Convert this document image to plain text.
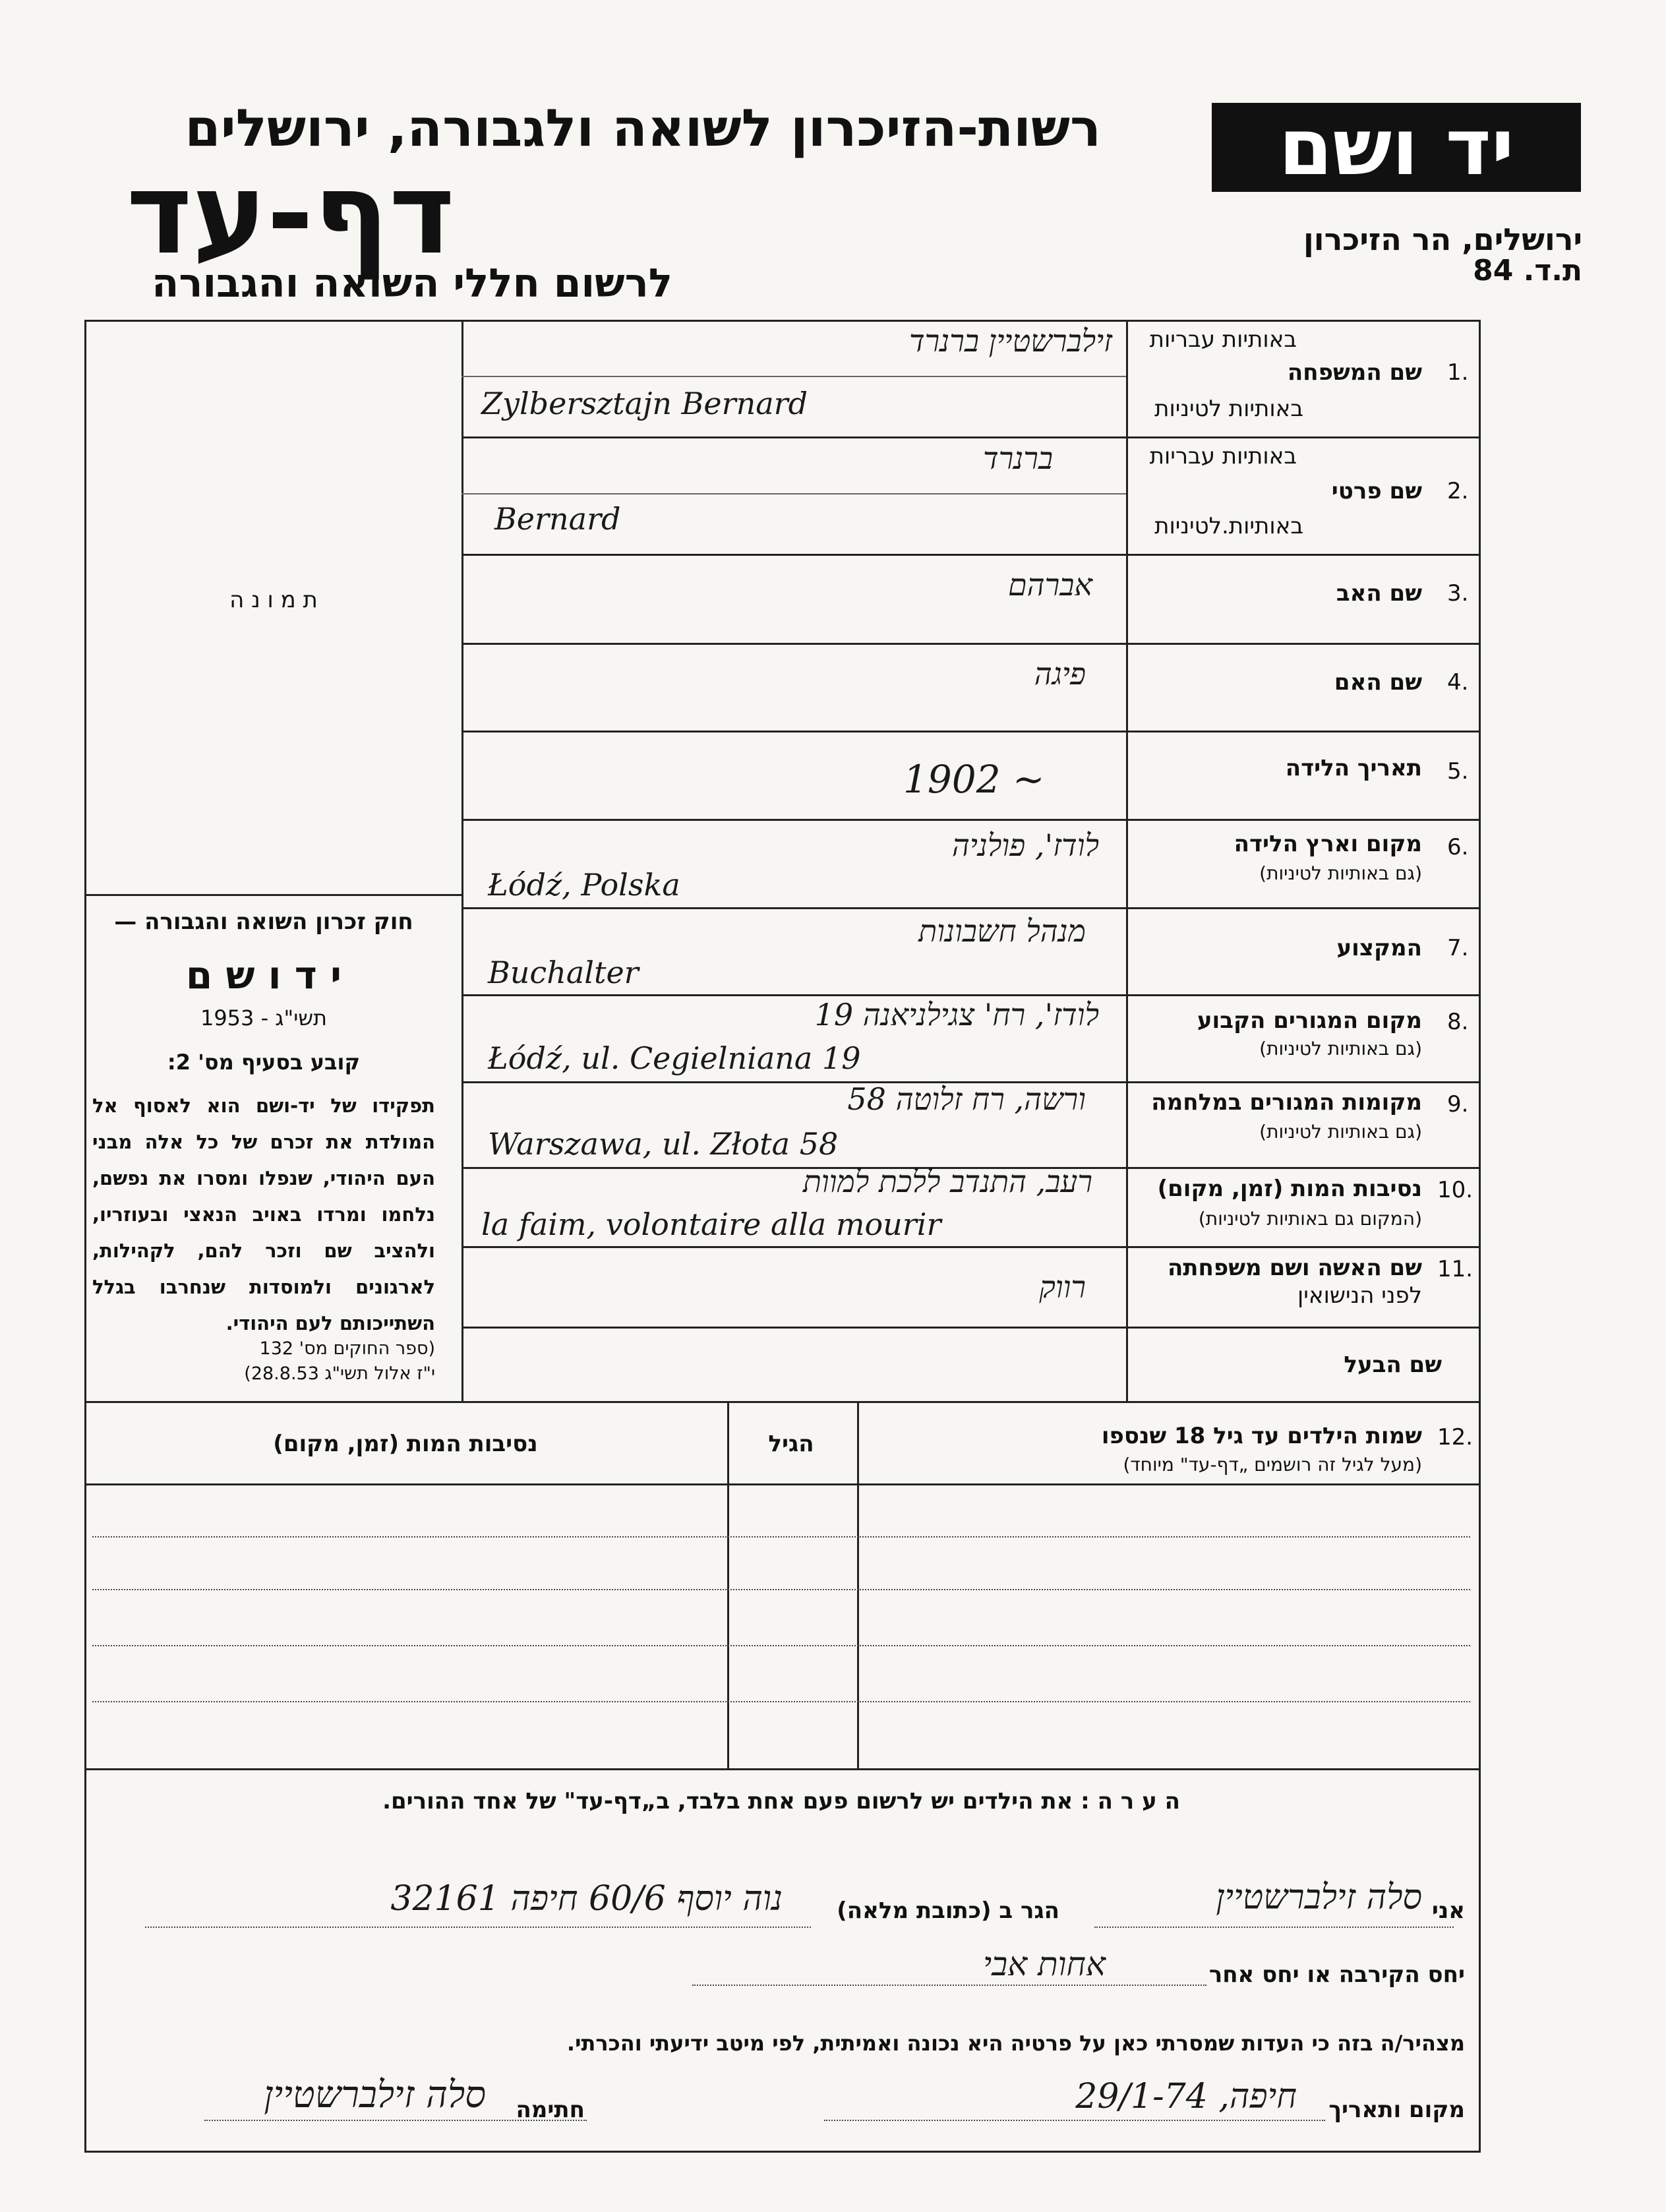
יד ושם
רשות-הזיכרון לשואה ולגבורה, ירושלים
דף-עד
לרשום חללי השואה והגבורה
ירושלים, הר הזיכרון
ת.ד. 84
ת מ ו נ ה
חוק זכרון השואה והגבורה —
י ד ו ש ם
תשי"ג - 1953
קובע בסעיף מס' 2:
תפקידו של יד-ושם הוא לאסוף אל המולדת את זכרם של כל אלה מבני העם היהודי, שנפלו ומסרו את נפשם, נלחמו ומרדו באויב הנאצי ובעוזריו, ולהציב שם וזכר להם, לקהילות, לארגונים ולמוסדות שנחרבו בגלל השתייכותם לעם היהודי.
(ספר החוקים מס' 132
י"ז אלול תשי"ג 28.8.53)
1.
שם המשפחה
באותיות עבריות
באותיות לטיניות
זילברשטיין ברנרד
Zylbersztajn Bernard
2.
שם פרטי
באותיות עבריות
באותיות.לטיניות
ברנרד
Bernard
3.
שם האב
אברהם
4.
שם האם
פיגה
5.
תאריך הלידה
1902 ~
6.
מקום וארץ הלידה
(גם באותיות לטיניות)
לודז', פולניה
Łódź, Polska
7.
המקצוע
מנהל חשבונות
Buchalter
8.
מקום המגורים הקבוע
(גם באותיות לטיניות)
לודז', רח' צגילניאנה 19
Łódź, ul. Cegielniana 19
9.
מקומות המגורים במלחמה
(גם באותיות לטיניות)
ורשה, רח זלוטה 58
Warszawa, ul. Złota 58
10.
נסיבות המות (זמן, מקום)
(המקום גם באותיות לטיניות)
רעב, התנדב ללכת למוות
la faim, volontaire alla mourir
11.
שם האשה ושם משפחתה
לפני הנישואין
רווק
שם הבעל
12.
שמות הילדים עד גיל 18 שנספו
(מעל לגיל זה רושמים „דף-עד" מיוחד)
הגיל
נסיבות המות (זמן, מקום)
ה ע ר ה : את הילדים יש לרשום פעם אחת בלבד, ב„דף-עד" של אחד ההורים.
אני
סלה זילברשטיין
הגר ב (כתובת מלאה)
נוה יוסף 60/6 חיפה 32161
יחס הקירבה או יחס אחר
אחות אבי
מצהיר/ה בזה כי העדות שמסרתי כאן על פרטיה היא נכונה ואמיתית, לפי מיטב ידיעתי והכרתי.
מקום ותאריך
חיפה, 29/1-74
חתימה
סלה זילברשטיין
